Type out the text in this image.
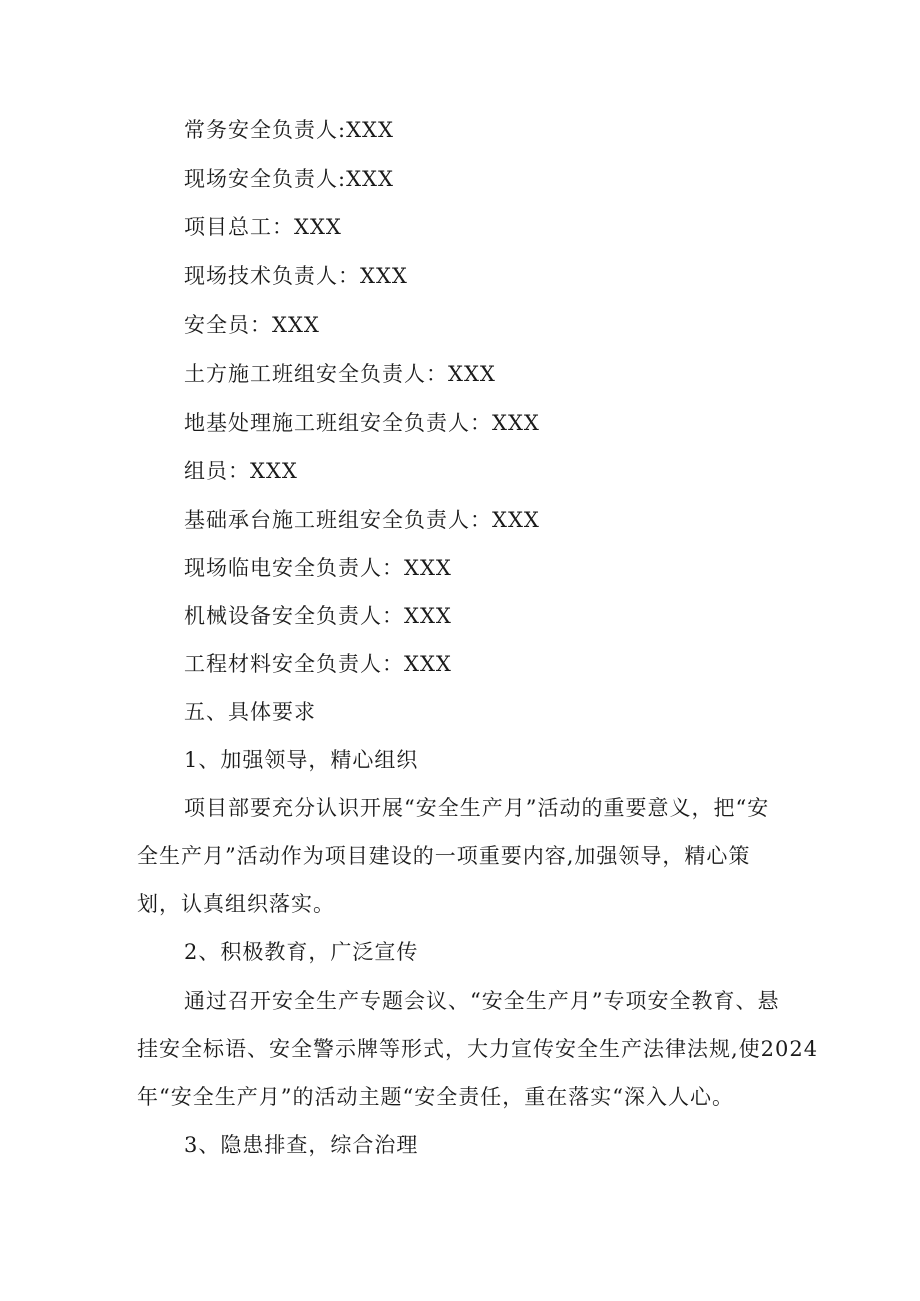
常务安全负责人:XXX
现场安全负责人:XXX
项目总工：XXX
现场技术负责人：XXX
安全员：XXX
土方施工班组安全负责人：XXX
地基处理施工班组安全负责人：XXX
组员：XXX
基础承台施工班组安全负责人：XXX
现场临电安全负责人：XXX
机械设备安全负责人：XXX
工程材料安全负责人：XXX
五、具体要求
1、加强领导，精心组织
项目部要充分认识开展“安全生产月”活动的重要意义，把“安
全生产月”活动作为项目建设的一项重要内容,加强领导，精心策
划，认真组织落实。
2、积极教育，广泛宣传
通过召开安全生产专题会议、“安全生产月”专项安全教育、悬
挂安全标语、安全警示牌等形式，大力宣传安全生产法律法规,使2024
年“安全生产月”的活动主题“安全责任，重在落实“深入人心。
3、隐患排查，综合治理
